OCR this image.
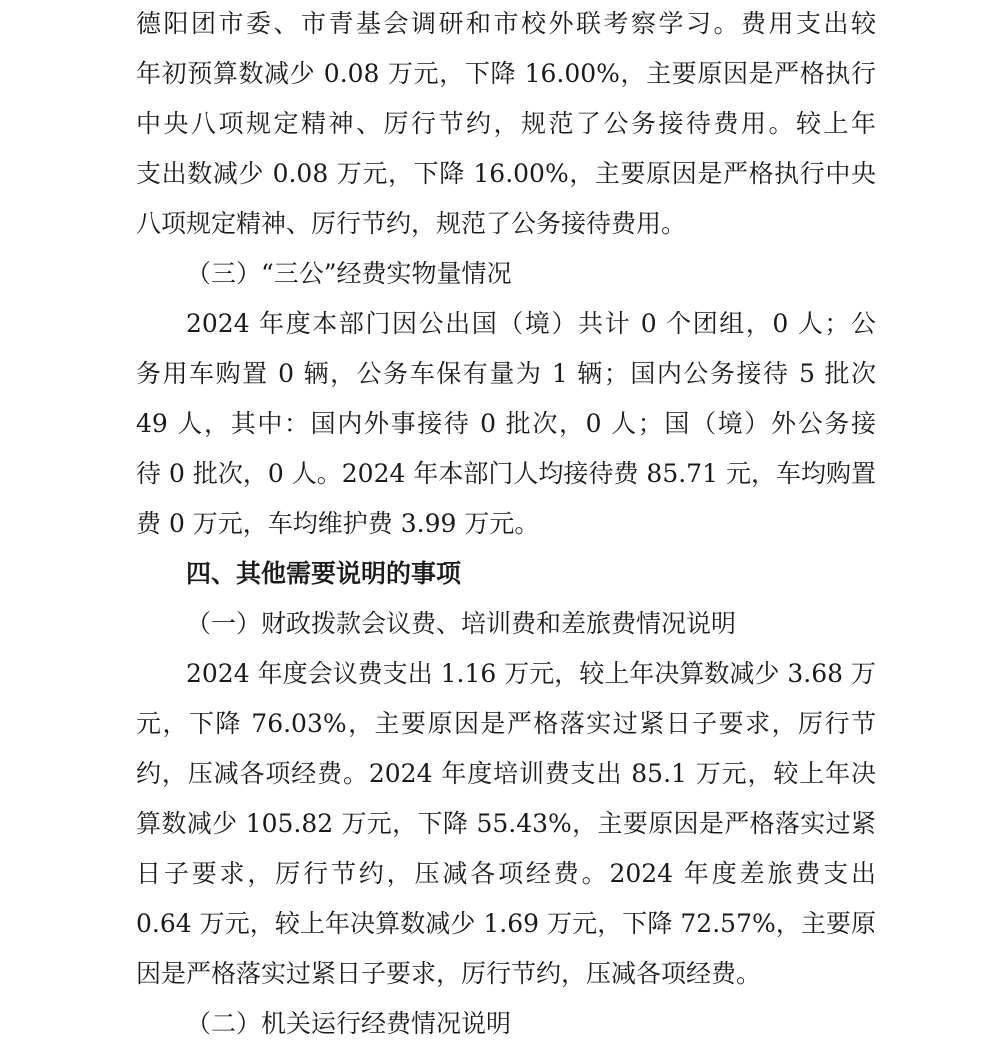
德阳团市委、市青基会调研和市校外联考察学习。费用支出较
年初预算数减少 0.08 万元，下降 16.00%，主要原因是严格执行
中央八项规定精神、厉行节约，规范了公务接待费用。较上年
支出数减少 0.08 万元，下降 16.00%，主要原因是严格执行中央
八项规定精神、厉行节约，规范了公务接待费用。
（三）“三公”经费实物量情况
2024 年度本部门因公出国（境）共计 0 个团组，0 人；公
务用车购置 0 辆，公务车保有量为 1 辆；国内公务接待 5 批次
49 人，其中：国内外事接待 0 批次，0 人；国（境）外公务接
待 0 批次，0 人。2024 年本部门人均接待费 85.71 元，车均购置
费 0 万元，车均维护费 3.99 万元。
四、其他需要说明的事项
（一）财政拨款会议费、培训费和差旅费情况说明
2024 年度会议费支出 1.16 万元，较上年决算数减少 3.68 万
元，下降 76.03%，主要原因是严格落实过紧日子要求，厉行节
约，压减各项经费。2024 年度培训费支出 85.1 万元，较上年决
算数减少 105.82 万元，下降 55.43%，主要原因是严格落实过紧
日子要求，厉行节约，压减各项经费。2024 年度差旅费支出
0.64 万元，较上年决算数减少 1.69 万元，下降 72.57%，主要原
因是严格落实过紧日子要求，厉行节约，压减各项经费。
（二）机关运行经费情况说明
